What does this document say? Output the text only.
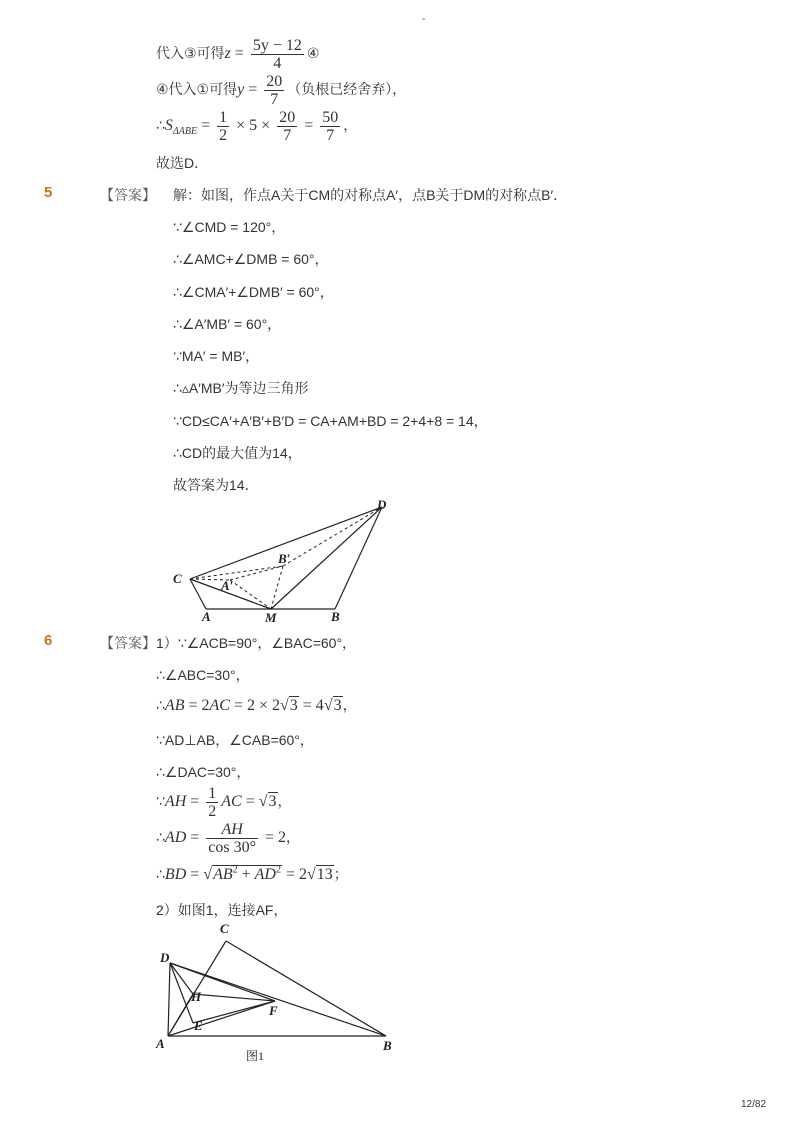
-
代入③可得$z = \frac{5y - 12}{4}$ ④
④代入①可得$y = \frac{20}{7}$ （负根已经舍弃），
$\therefore S_{\Delta ABE} = \frac{1}{2} \times 5 \times \frac{20}{7} = \frac{50}{7}$ ，
故选D．
5	【答案】 解：如图，作点A关于CM的对称点A′，点B关于DM的对称点B′．
∵∠CMD = 120°，
∴∠AMC+∠DMB = 60°，
∴∠CMA′+∠DMB′ = 60°，
∴∠A′MB′ = 60°，
∵MA′ = MB′，
∴▵A′MB′为等边三角形
∵CD≤CA′+A′B′+B′D = CA+AM+BD = 2+4+8 = 14，
∴CD的最大值为14，
故答案为14．
C	A′
B′
D
A	M	B
6	【答案】1）∵∠ACB=90°，∠BAC=60°，
∴∠ABC=30°，
∴AB = 2AC = 2 × 2√3 = 4√3，
∵AD⊥AB，∠CAB=60°，
∴∠DAC=30°，
∵AH = $\frac{1}{2}$ AC = √3，
∴AD = $\frac{AH}{\cos 30^\circ} = 2$，
∴BD = $√AB^2 + AD^2 = 2√13$；
2）如图1，连接AF，
C
D
H
F
E
A	B
图1
12/82
